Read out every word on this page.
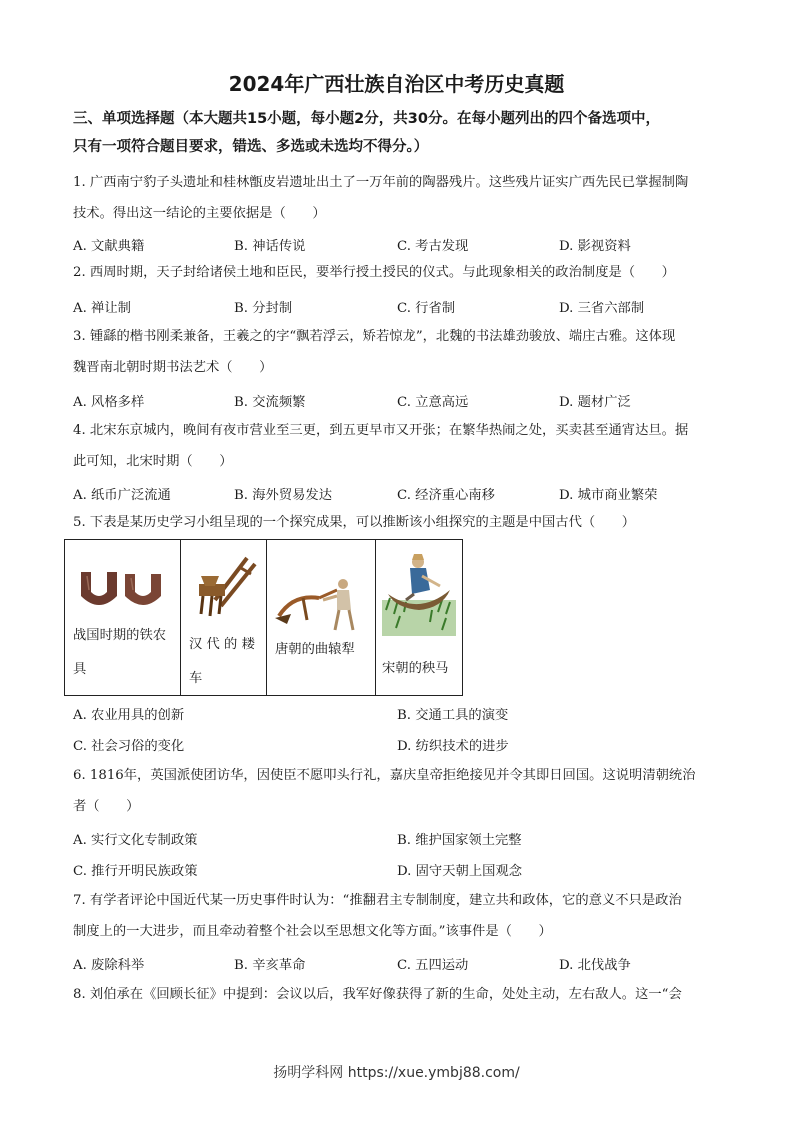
2024年广西壮族自治区中考历史真题
三、单项选择题（本大题共15小题，每小题2分，共30分。在每小题列出的四个备选项中，
只有一项符合题目要求，错选、多选或未选均不得分。）
1. 广西南宁豹子头遗址和桂林甑皮岩遗址出土了一万年前的陶器残片。这些残片证实广西先民已掌握制陶
技术。得出这一结论的主要依据是（　　）
A. 文献典籍	B. 神话传说	C. 考古发现	D. 影视资料
2. 西周时期，天子封给诸侯土地和臣民，要举行授土授民的仪式。与此现象相关的政治制度是（　　）
A. 禅让制	B. 分封制	C. 行省制	D. 三省六部制
3. 锺繇的楷书刚柔兼备，王羲之的字“飘若浮云，矫若惊龙”，北魏的书法雄劲骏放、端庄古雅。这体现
魏晋南北朝时期书法艺术（　　）
A. 风格多样	B. 交流频繁	C. 立意高远	D. 题材广泛
4. 北宋东京城内，晚间有夜市营业至三更，到五更早市又开张；在繁华热闹之处，买卖甚至通宵达旦。据
此可知，北宋时期（　　）
A. 纸币广泛流通	B. 海外贸易发达	C. 经济重心南移	D. 城市商业繁荣
5. 下表是某历史学习小组呈现的一个探究成果，可以推断该小组探究的主题是中国古代（　　）
战国时期的铁农
具

汉 代 的 耧
车

唐朝的曲辕犁

宋朝的秧马
A. 农业用具的创新	B. 交通工具的演变
C. 社会习俗的变化	D. 纺织技术的进步
6. 1816年，英国派使团访华，因使臣不愿叩头行礼，嘉庆皇帝拒绝接见并令其即日回国。这说明清朝统治
者（　　）
A. 实行文化专制政策	B. 维护国家领土完整
C. 推行开明民族政策	D. 固守天朝上国观念
7. 有学者评论中国近代某一历史事件时认为：“推翻君主专制制度，建立共和政体，它的意义不只是政治
制度上的一大进步，而且牵动着整个社会以至思想文化等方面。”该事件是（　　）
A. 废除科举	B. 辛亥革命	C. 五四运动	D. 北伐战争
8. 刘伯承在《回顾长征》中提到：会议以后，我军好像获得了新的生命，处处主动，左右敌人。这一“会
扬明学科网 https://xue.ymbj88.com/
